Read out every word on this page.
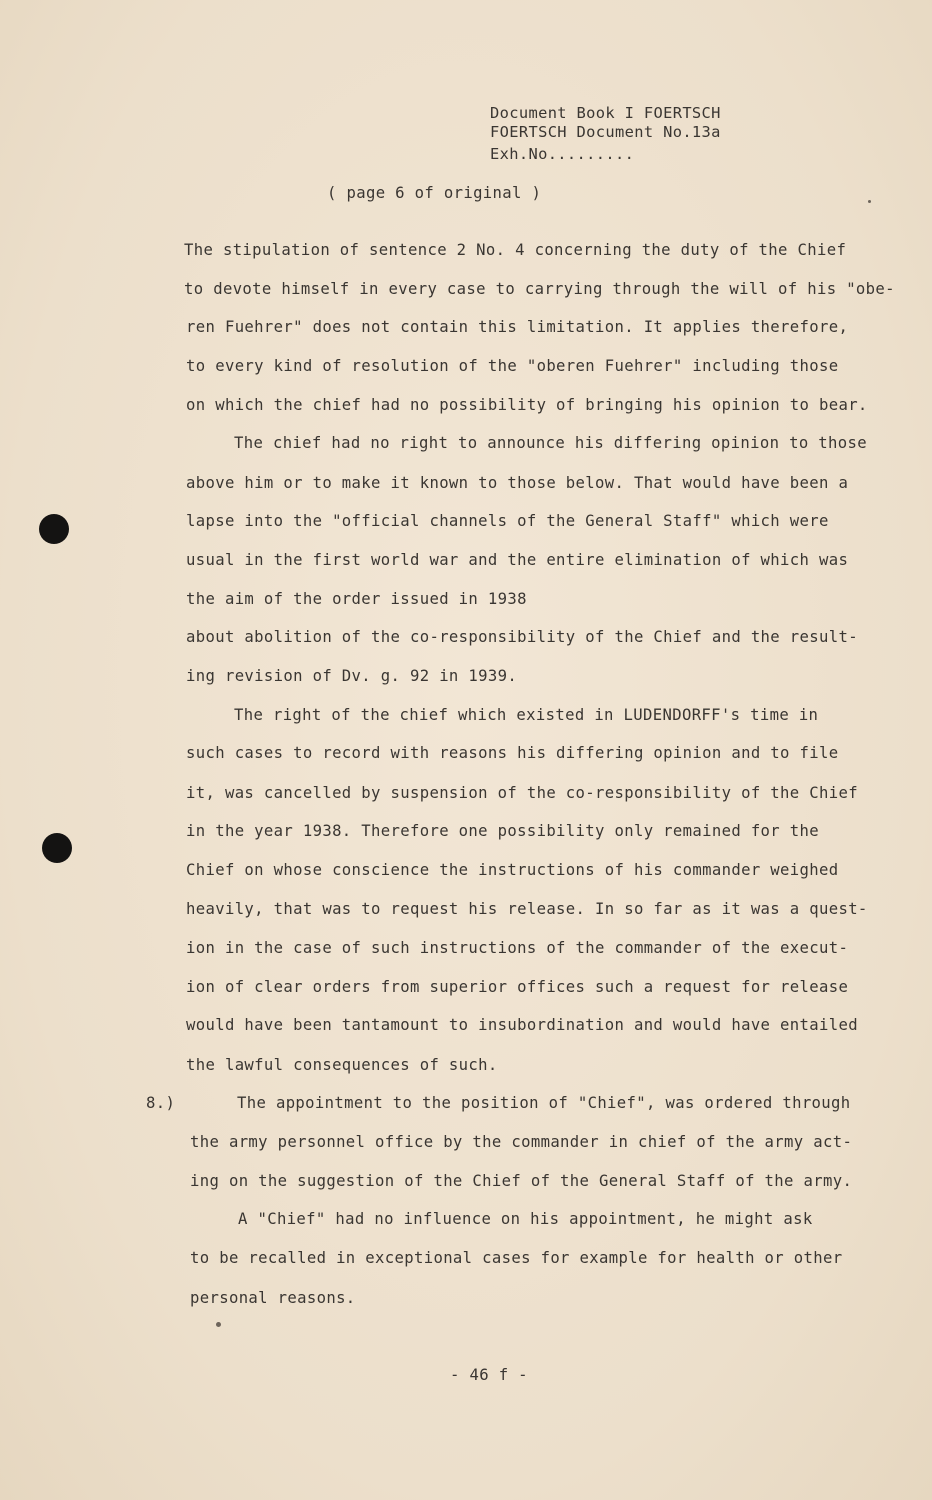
Document Book I FOERTSCH
FOERTSCH Document No.13a
Exh.No.........
( page 6 of original )
The stipulation of sentence 2 No. 4 concerning the duty of the Chief
to devote himself in every case to carrying through the will of his "obe-
ren Fuehrer" does not contain this limitation. It applies therefore,
to every kind of resolution of the "oberen Fuehrer" including those
on which the chief had no possibility of bringing his opinion to bear.
The chief had no right to announce his differing opinion to those
above him or to make it known to those below. That would have been a
lapse into the "official channels of the General Staff" which were
usual in the first world war and the entire elimination of which was
the aim of the order issued in 1938
about abolition of the co-responsibility of the Chief and the result-
ing revision of Dv. g. 92 in 1939.
The right of the chief which existed in LUDENDORFF's time in
such cases to record with reasons his differing opinion and to file
it, was cancelled by suspension of the co-responsibility of the Chief
in the year 1938. Therefore one possibility only remained for the
Chief on whose conscience the instructions of his commander weighed
heavily, that was to request his release. In so far as it was a quest-
ion in the case of such instructions of the commander of the execut-
ion of clear orders from superior offices such a request for release
would have been tantamount to insubordination and would have entailed
the lawful consequences of such.
8.)	The appointment to the position of "Chief", was ordered through
the army personnel office by the commander in chief of the army act-
ing on the suggestion of the Chief of the General Staff of the army.
A "Chief" had no influence on his appointment, he might ask
to be recalled in exceptional cases for example for health or other
personal reasons.
- 46 f -
